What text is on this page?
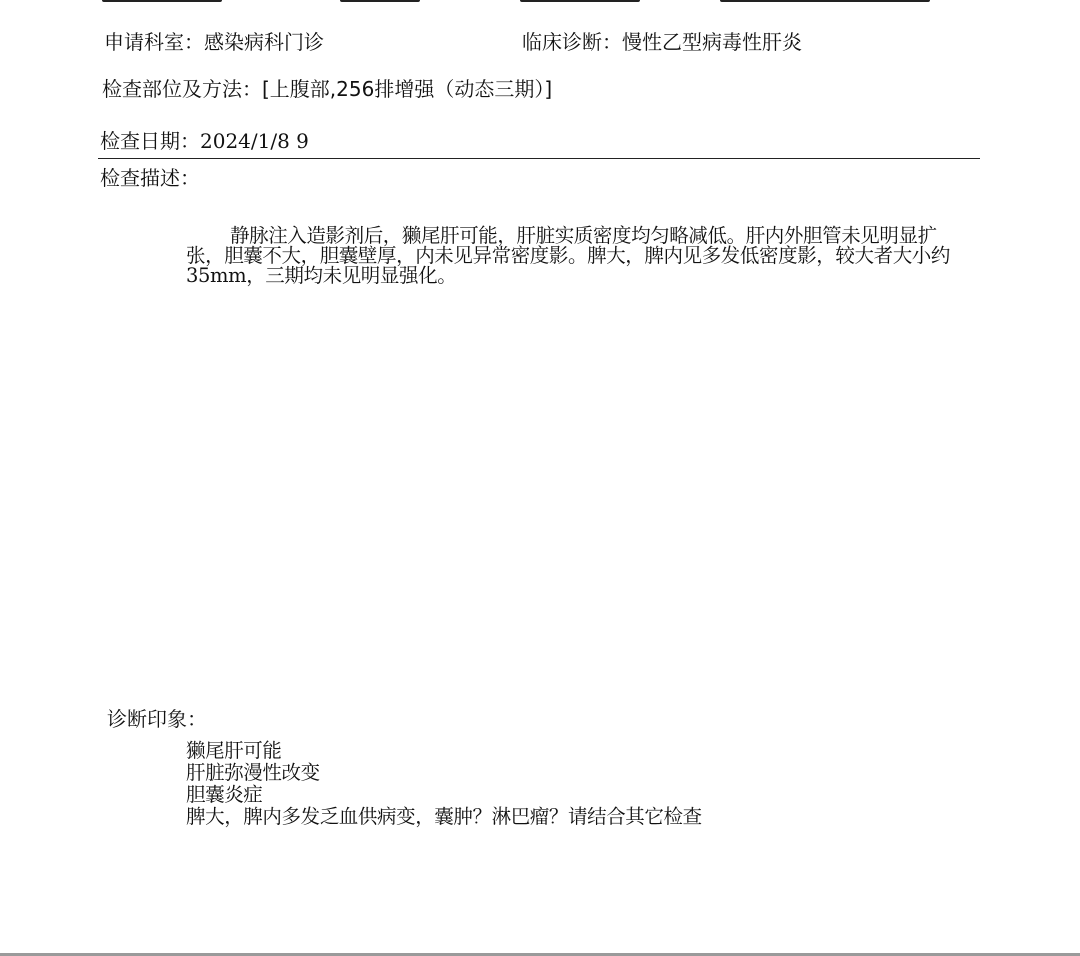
申请科室：感染病科门诊	临床诊断：慢性乙型病毒性肝炎
检查部位及方法：[上腹部,256排增强（动态三期）]
检查日期：2024/1/8 9
检查描述：

静脉注入造影剂后，獭尾肝可能，肝脏实质密度均匀略减低。肝内外胆管未见明显扩张，胆囊不大，胆囊壁厚，内未见异常密度影。脾大，脾内见多发低密度影，较大者大小约35mm，三期均未见明显强化。

诊断印象：
獭尾肝可能
肝脏弥漫性改变
胆囊炎症
脾大，脾内多发乏血供病变，囊肿？淋巴瘤？请结合其它检查
